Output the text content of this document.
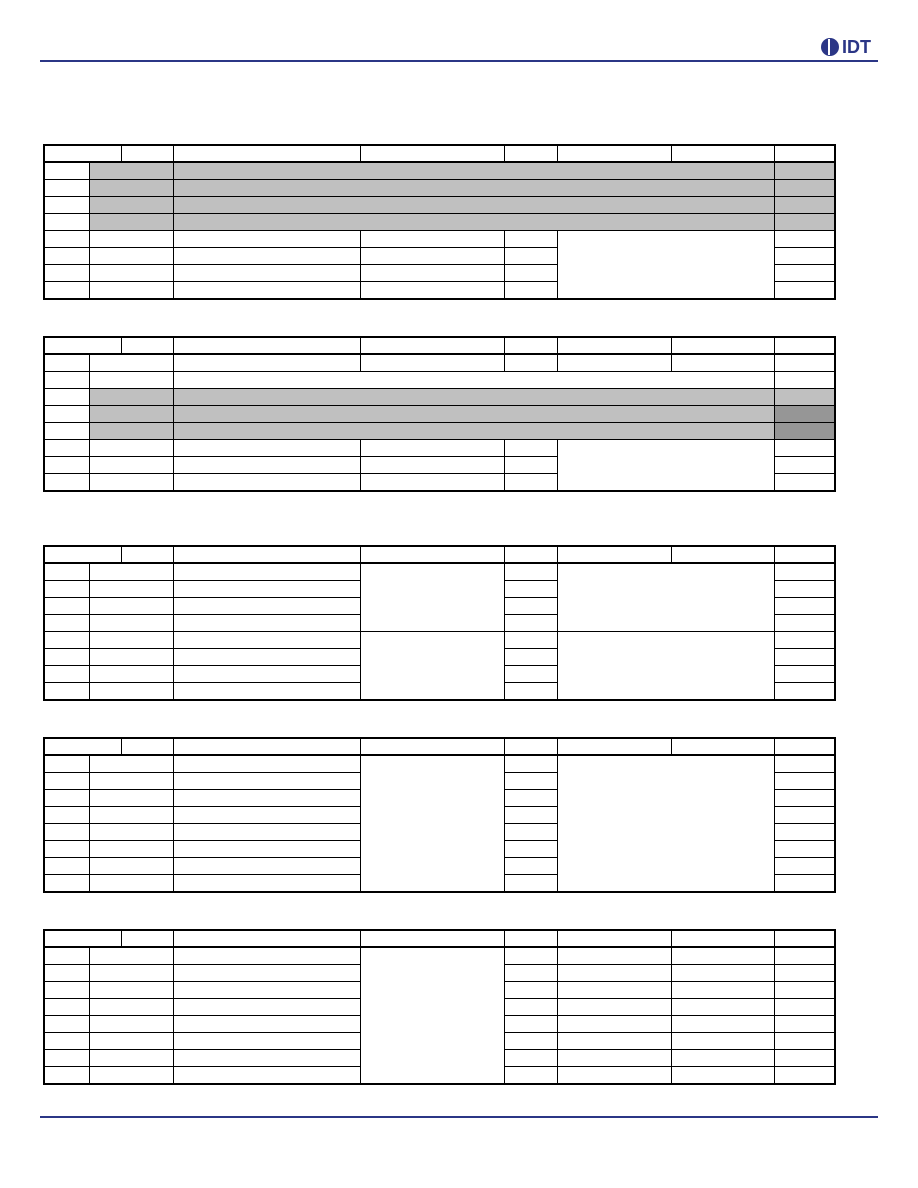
IDT
